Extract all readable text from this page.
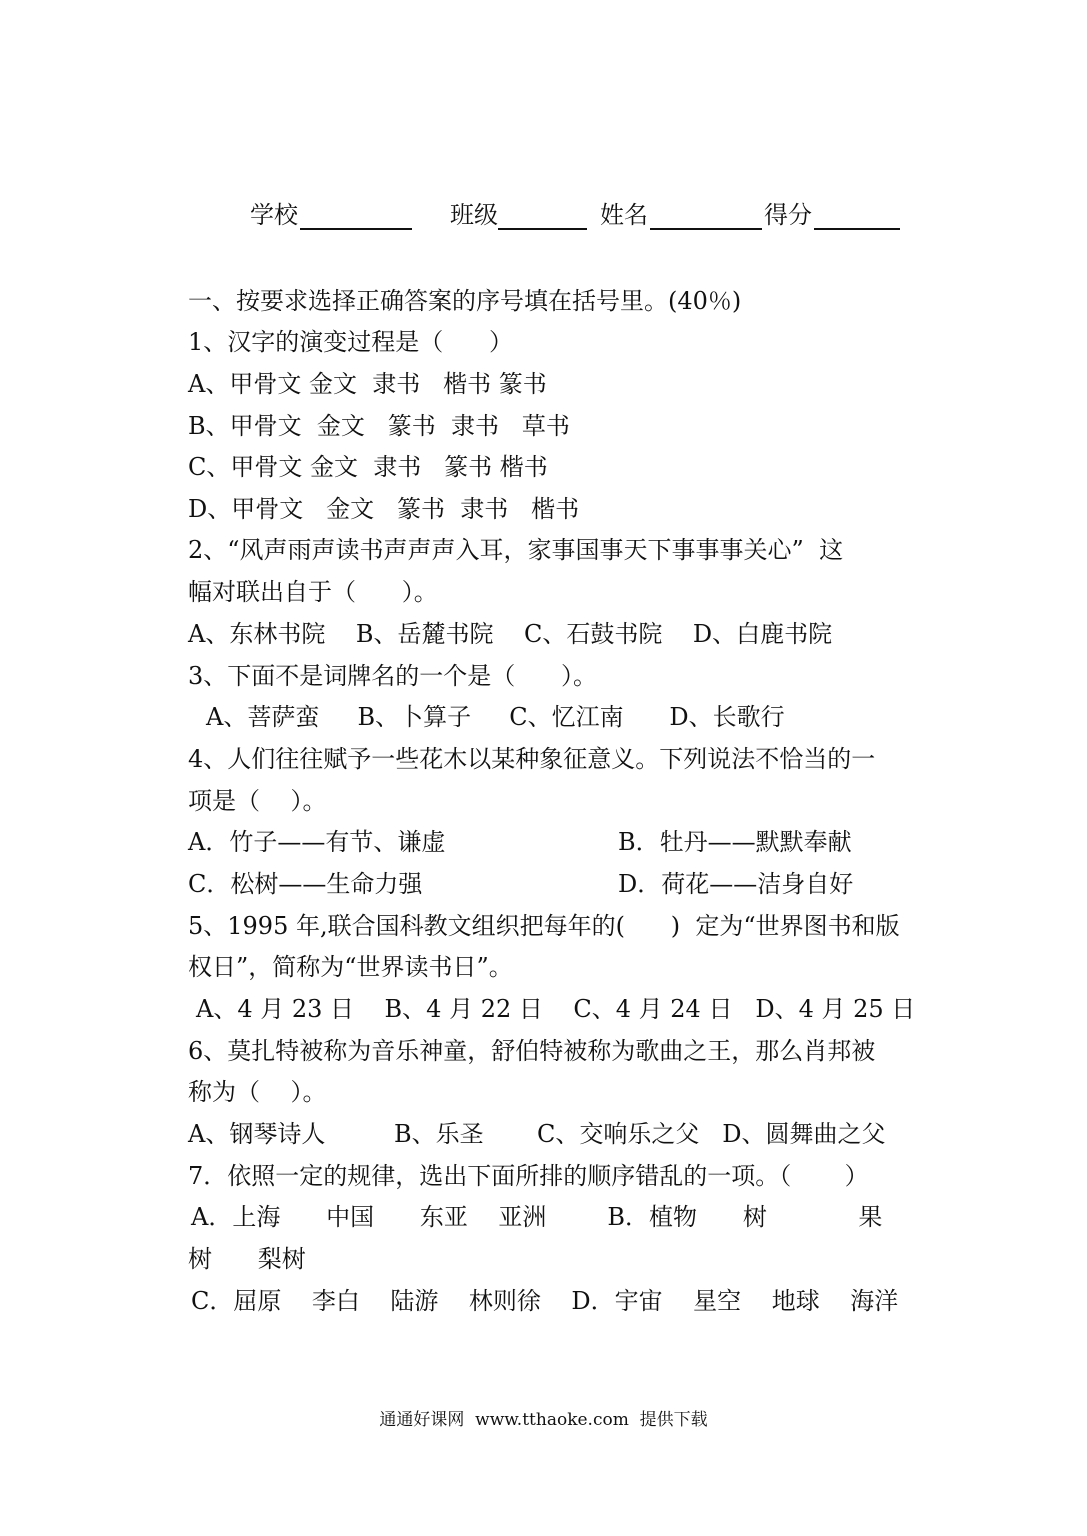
学校	班级	姓名	得分
一、按要求选择正确答案的序号填在括号里。(40％)
1、汉字的演变过程是（      ）
A、甲骨文 金文  隶书   楷书 篆书
B、甲骨文  金文   篆书  隶书   草书
C、甲骨文 金文  隶书   篆书 楷书
D、甲骨文   金文   篆书  隶书   楷书
2、“风声雨声读书声声声入耳，家事国事天下事事事关心”  这
幅对联出自于（      ）。
A、东林书院    B、岳麓书院    C、石鼓书院    D、白鹿书院
3、下面不是词牌名的一个是（      ）。
A、菩萨蛮     B、卜算子     C、忆江南      D、长歌行
4、人们往往赋予一些花木以某种象征意义。下列说法不恰当的一
项是（    ）。
A．竹子——有节、谦虚	B．牡丹——默默奉献
C．松树——生命力强	D．荷花——洁身自好
5、1995 年,联合国科教文组织把每年的(      )  定为“世界图书和版
权日”，简称为“世界读书日”。
A、4 月 23 日    B、4 月 22 日    C、4 月 24 日   D、4 月 25 日
6、莫扎特被称为音乐神童，舒伯特被称为歌曲之王，那么肖邦被
称为（    ）。
A、钢琴诗人         B、乐圣       C、交响乐之父   D、圆舞曲之父
7．依照一定的规律，选出下面所排的顺序错乱的一项。（       ）
A．上海      中国      东亚    亚洲        B．植物      树            果
树      梨树
C．屈原    李白    陆游    林则徐    D．宇宙    星空    地球    海洋
通通好课网  www.tthaoke.com  提供下载
